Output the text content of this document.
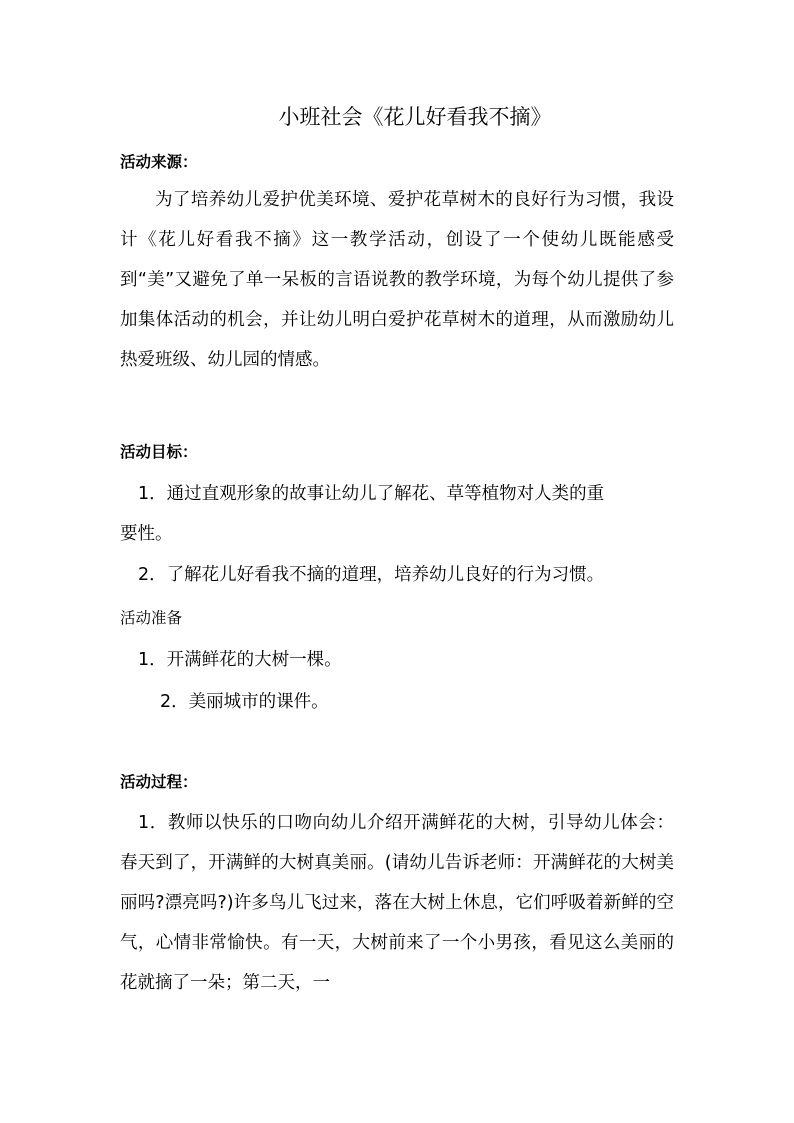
小班社会《花儿好看我不摘》
活动来源：
为了培养幼儿爱护优美环境、爱护花草树木的良好行为习惯，我设计《花儿好看我不摘》这一教学活动，创设了一个使幼儿既能感受到“美”又避免了单一呆板的言语说教的教学环境，为每个幼儿提供了参加集体活动的机会，并让幼儿明白爱护花草树木的道理，从而激励幼儿热爱班级、幼儿园的情感。
活动目标：
1．通过直观形象的故事让幼儿了解花、草等植物对人类的重
要性。
2．了解花儿好看我不摘的道理，培养幼儿良好的行为习惯。
活动准备
1．开满鲜花的大树一棵。
2．美丽城市的课件。
活动过程：
1．教师以快乐的口吻向幼儿介绍开满鲜花的大树，引导幼儿体会：春天到了，开满鲜的大树真美丽。(请幼儿告诉老师：开满鲜花的大树美丽吗?漂亮吗?)许多鸟儿飞过来，落在大树上休息，它们呼吸着新鲜的空气，心情非常愉快。有一天，大树前来了一个小男孩，看见这么美丽的花就摘了一朵；第二天，一
